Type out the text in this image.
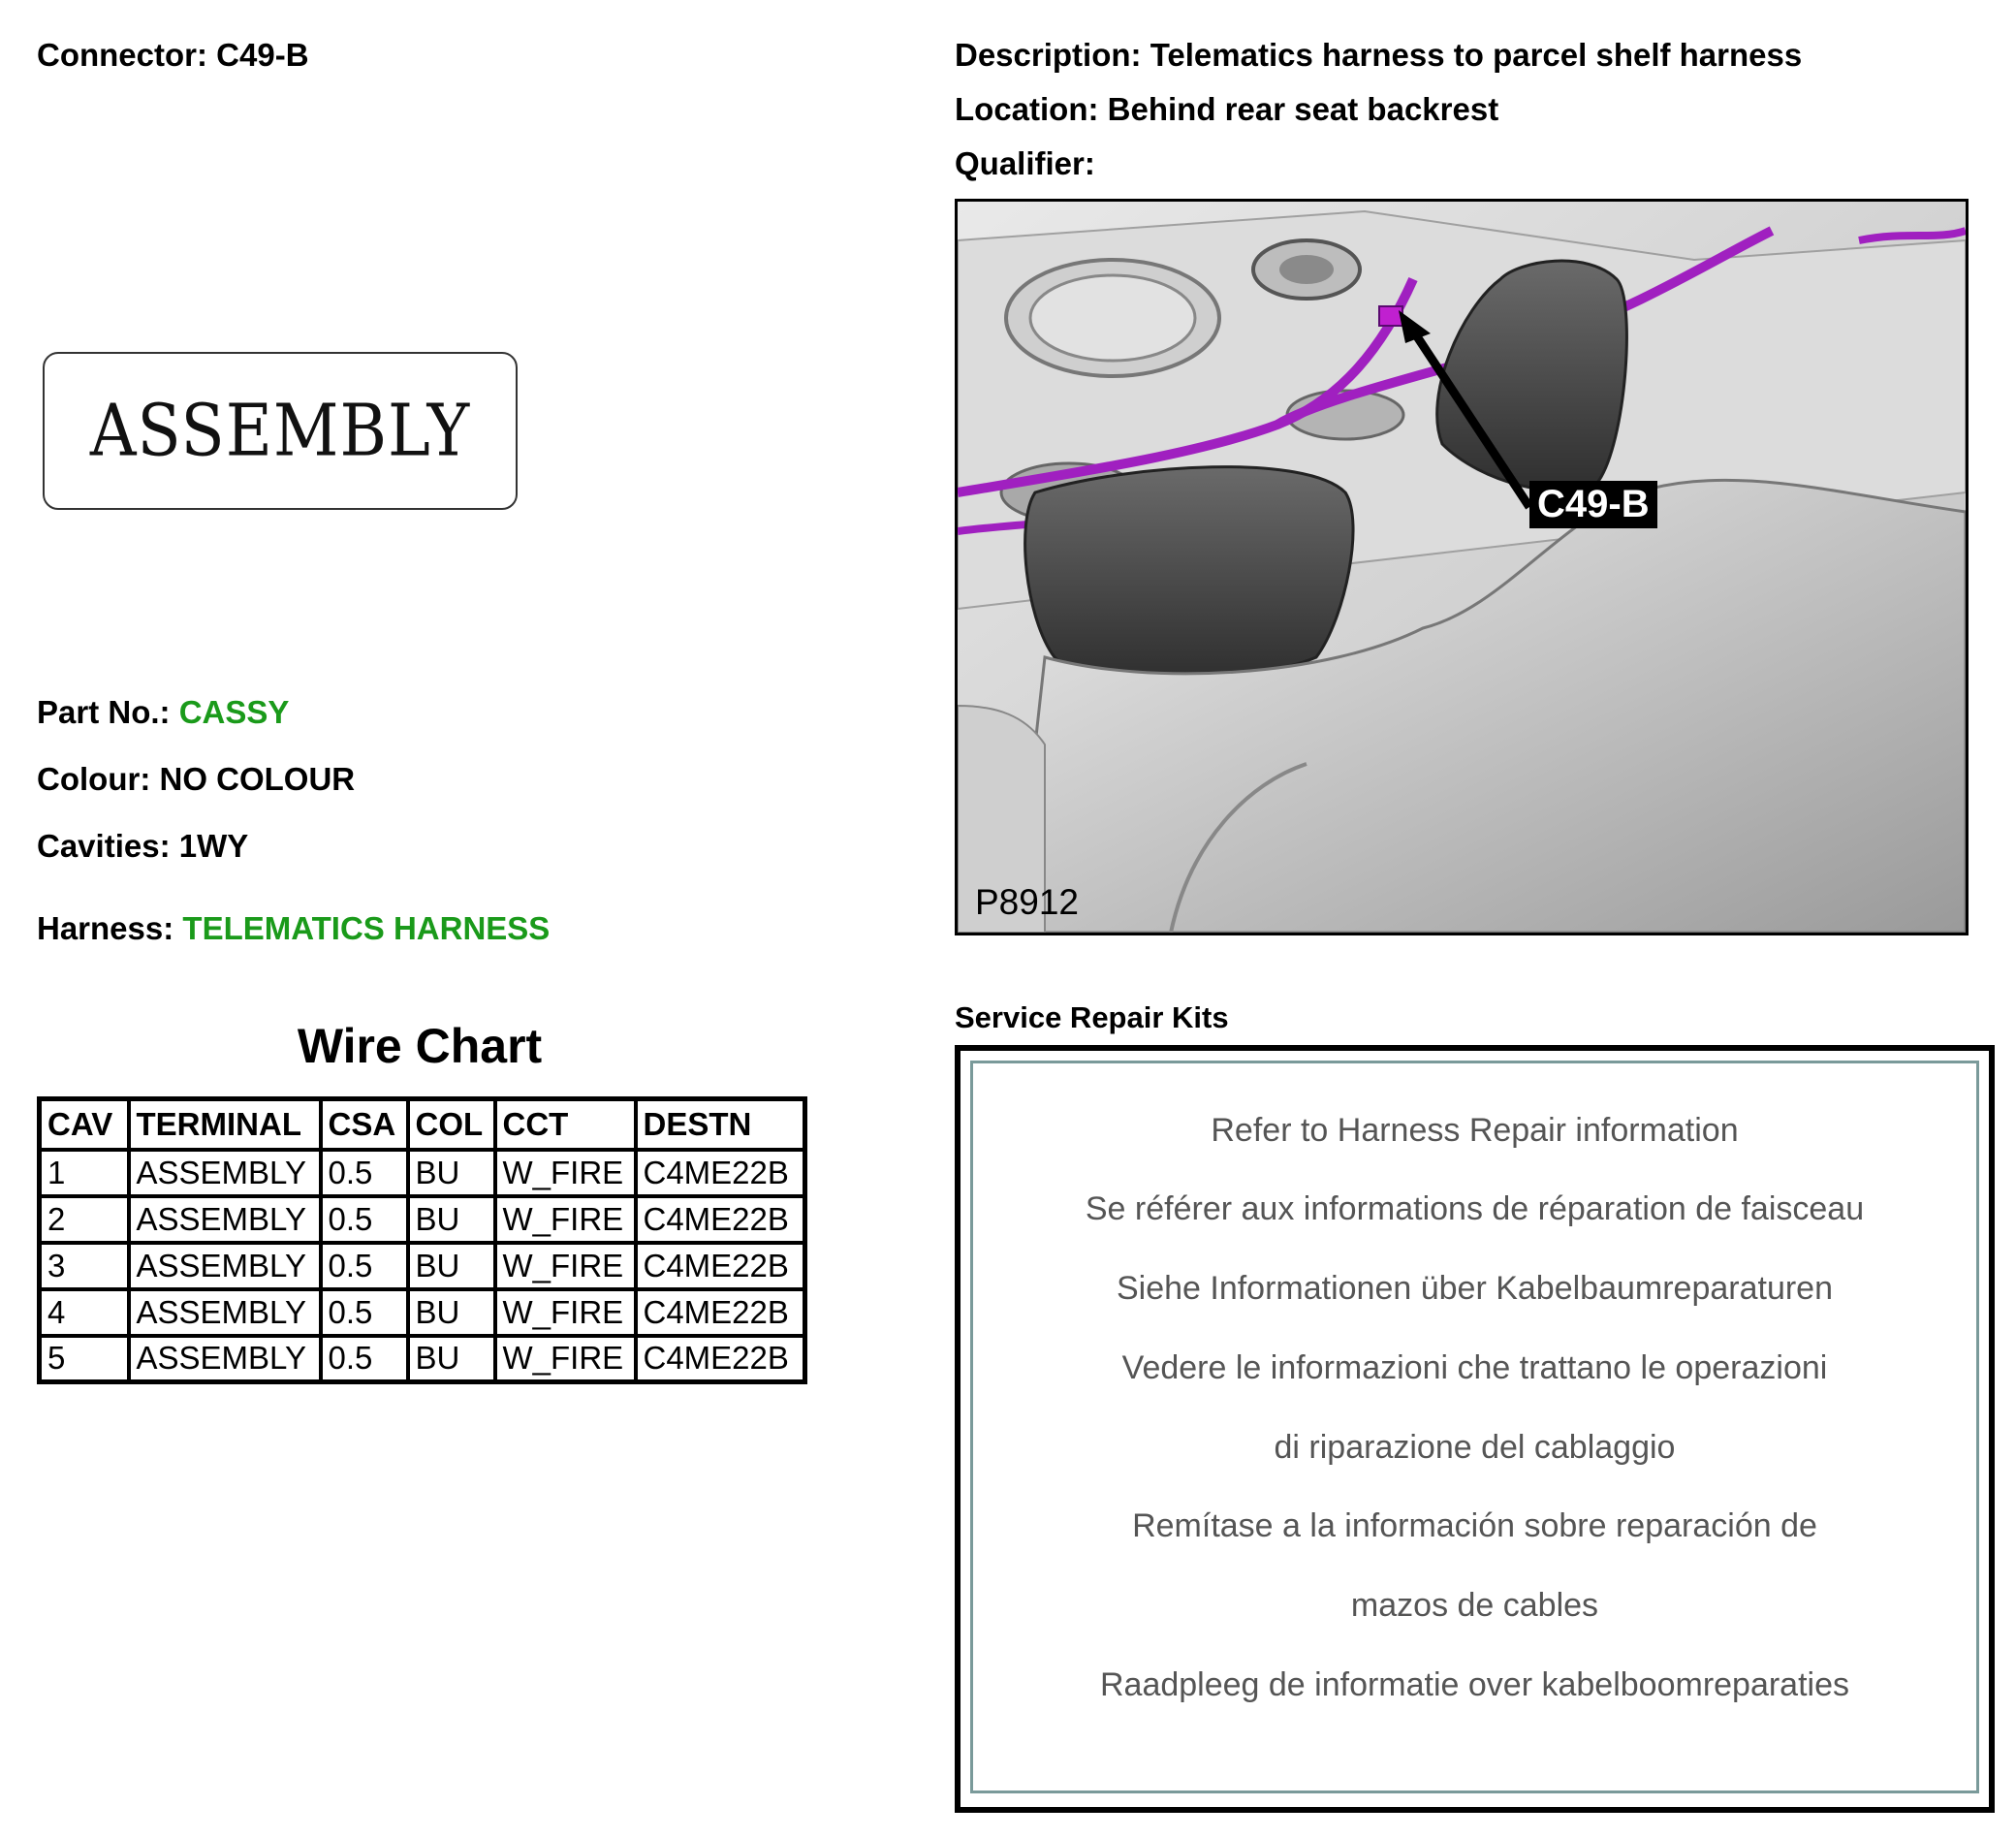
Connector: C49-B	Description: Telematics harness to parcel shelf harness
Location: Behind rear seat backrest
Qualifier:
ASSEMBLY
Part No.: CASSY
Colour: NO COLOUR
Cavities: 1WY
Harness: TELEMATICS HARNESS
Wire Chart
CAV	TERMINAL	CSA	COL	CCT	DESTN
1	ASSEMBLY	0.5	BU	W_FIRE	C4ME22B
2	ASSEMBLY	0.5	BU	W_FIRE	C4ME22B
3	ASSEMBLY	0.5	BU	W_FIRE	C4ME22B
4	ASSEMBLY	0.5	BU	W_FIRE	C4ME22B
5	ASSEMBLY	0.5	BU	W_FIRE	C4ME22B
C49-B
P8912
Service Repair Kits
Refer to Harness Repair information
Se référer aux informations de réparation de faisceau
Siehe Informationen über Kabelbaumreparaturen
Vedere le informazioni che trattano le operazioni
di riparazione del cablaggio
Remítase a la información sobre reparación de
mazos de cables
Raadpleeg de informatie over kabelboomreparaties
